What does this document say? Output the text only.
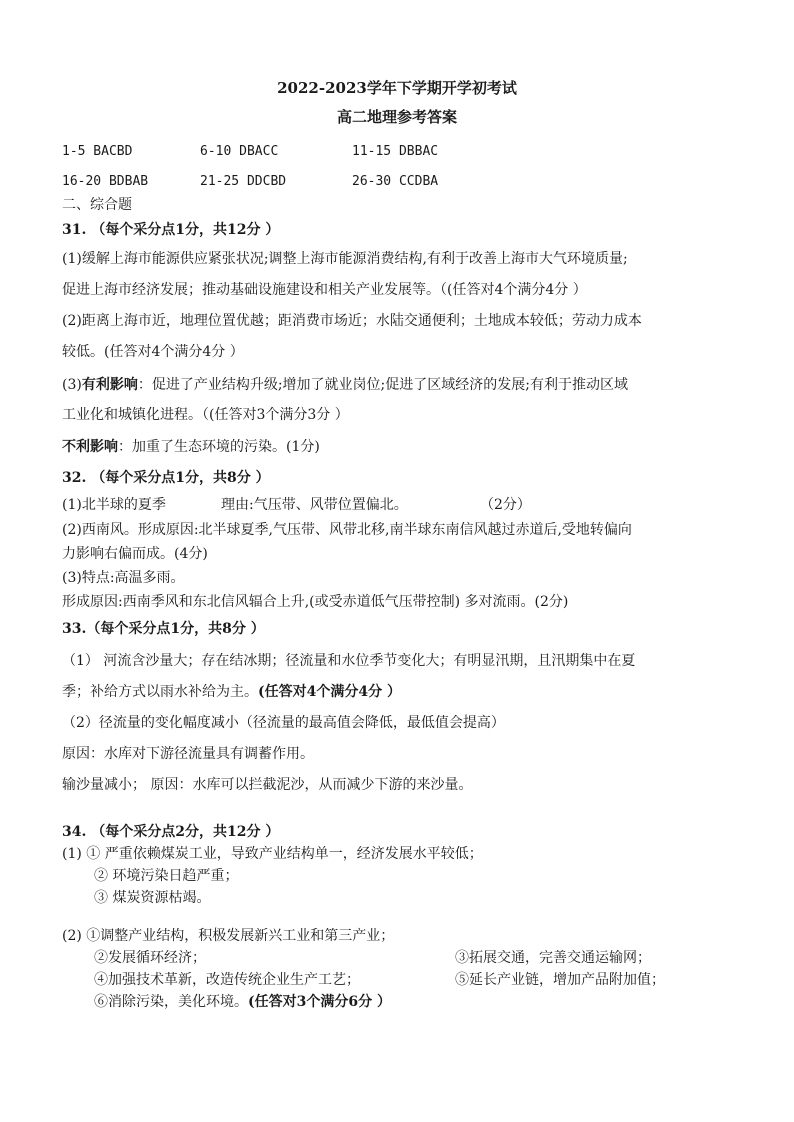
2022-2023学年下学期开学初考试
高二地理参考答案
1-5 BACBD	6-10 DBACC	11-15 DBBAC
16-20 BDBAB	21-25 DDCBD	26-30 CCDBA
二、综合题
31. （每个采分点1分，共12分 ）
(1)缓解上海市能源供应紧张状况;调整上海市能源消费结构,有利于改善上海市大气环境质量;
促进上海市经济发展；推动基础设施建设和相关产业发展等。（(任答对4个满分4分 ）
(2)距离上海市近，地理位置优越；距消费市场近；水陆交通便利；土地成本较低；劳动力成本
较低。(任答对4个满分4分 ）
(3)有利影响：促进了产业结构升级;增加了就业岗位;促进了区域经济的发展;有利于推动区域
工业化和城镇化进程。（(任答对3个满分3分 ）
不利影响：加重了生态环境的污染。(1分)
32. （每个采分点1分，共8分 ）
(1)北半球的夏季	理由:气压带、风带位置偏北。	（2分）
(2)西南风。形成原因:北半球夏季,气压带、风带北移,南半球东南信风越过赤道后,受地转偏向
力影响右偏而成。(4分)
(3)特点:高温多雨。
形成原因:西南季风和东北信风辐合上升,(或受赤道低气压带控制) 多对流雨。(2分)
33.（每个采分点1分，共8分 ）
（1） 河流含沙量大；存在结冰期；径流量和水位季节变化大；有明显汛期，且汛期集中在夏
季；补给方式以雨水补给为主。(任答对4个满分4分 ）
（2）径流量的变化幅度减小（径流量的最高值会降低，最低值会提高）
原因：水库对下游径流量具有调蓄作用。
输沙量减小； 原因：水库可以拦截泥沙，从而减少下游的来沙量。
34. （每个采分点2分，共12分 ）
(1) ① 严重依赖煤炭工业，导致产业结构单一，经济发展水平较低；
② 环境污染日趋严重；
③ 煤炭资源枯竭。
(2) ①调整产业结构，积极发展新兴工业和第三产业；
②发展循环经济；	③拓展交通，完善交通运输网；
④加强技术革新，改造传统企业生产工艺；	⑤延长产业链，增加产品附加值；
⑥消除污染，美化环境。(任答对3个满分6分 ）
